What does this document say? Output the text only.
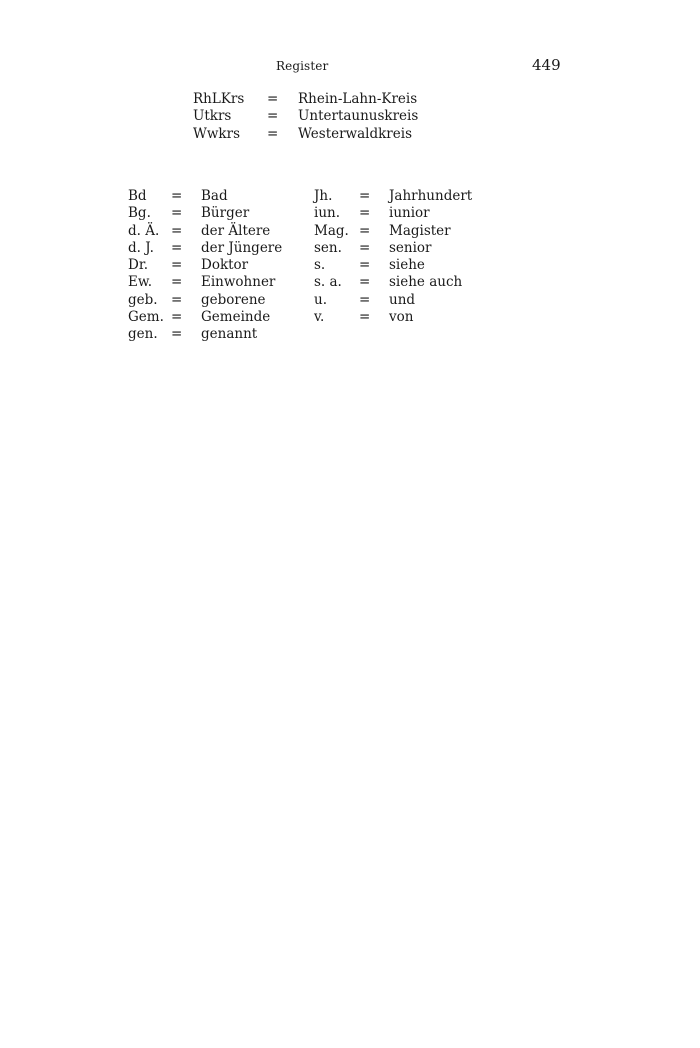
Register	449
RhLKrs = Rhein-Lahn-Kreis
Utkrs	= Untertaunuskreis
Wwkrs = Westerwaldkreis
Bd = Bad
Bg. = Bürger
d. Ä. = der Ältere
d. J. = der Jüngere
Dr. = Doktor
Ew. = Einwohner
geb. = geborene
Gem. = Gemeinde
gen. = genannt
Jh. = Jahrhundert
iun. = iunior
Mag. = Magister
sen. = senior
s.	= siehe
s. a. = siehe auch
u. = und
v.	= von
